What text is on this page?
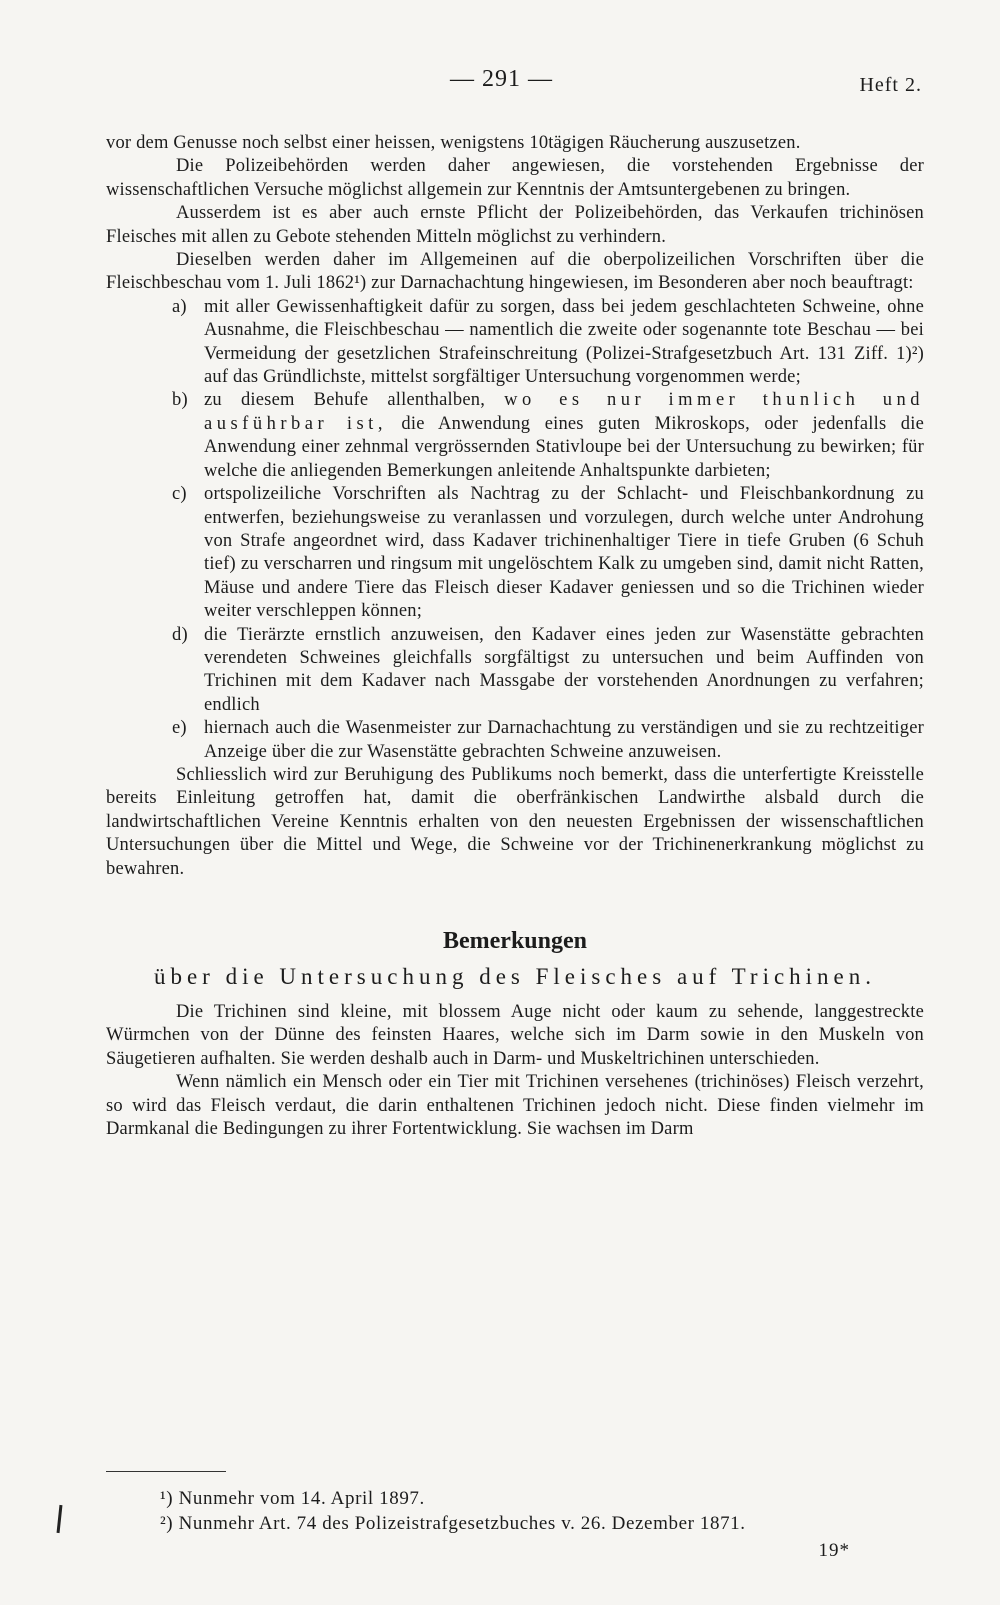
— 291 —	Heft 2.

vor dem Genusse noch selbst einer heissen, wenigstens 10tägigen Räucherung auszusetzen.

Die Polizeibehörden werden daher angewiesen, die vorstehenden Ergebnisse der wissenschaftlichen Versuche möglichst allgemein zur Kenntnis der Amtsuntergebenen zu bringen.

Ausserdem ist es aber auch ernste Pflicht der Polizeibehörden, das Verkaufen trichinösen Fleisches mit allen zu Gebote stehenden Mitteln möglichst zu verhindern.

Dieselben werden daher im Allgemeinen auf die oberpolizeilichen Vorschriften über die Fleischbeschau vom 1. Juli 1862¹) zur Darnachachtung hingewiesen, im Besonderen aber noch beauftragt:

a) mit aller Gewissenhaftigkeit dafür zu sorgen, dass bei jedem geschlachteten Schweine, ohne Ausnahme, die Fleischbeschau — namentlich die zweite oder sogenannte tote Beschau — bei Vermeidung der gesetzlichen Strafeinschreitung (Polizei-Strafgesetzbuch Art. 131 Ziff. 1)²) auf das Gründlichste, mittelst sorgfältiger Untersuchung vorgenommen werde;
b) zu diesem Behufe allenthalben, wo es nur immer thunlich und ausführbar ist, die Anwendung eines guten Mikroskops, oder jedenfalls die Anwendung einer zehnmal vergrössernden Stativloupe bei der Untersuchung zu bewirken; für welche die anliegenden Bemerkungen anleitende Anhaltspunkte darbieten;
c) ortspolizeiliche Vorschriften als Nachtrag zu der Schlacht- und Fleischbankordnung zu entwerfen, beziehungsweise zu veranlassen und vorzulegen, durch welche unter Androhung von Strafe angeordnet wird, dass Kadaver trichinenhaltiger Tiere in tiefe Gruben (6 Schuh tief) zu verscharren und ringsum mit ungelöschtem Kalk zu umgeben sind, damit nicht Ratten, Mäuse und andere Tiere das Fleisch dieser Kadaver geniessen und so die Trichinen wieder weiter verschleppen können;
d) die Tierärzte ernstlich anzuweisen, den Kadaver eines jeden zur Wasenstätte gebrachten verendeten Schweines gleichfalls sorgfältigst zu untersuchen und beim Auffinden von Trichinen mit dem Kadaver nach Massgabe der vorstehenden Anordnungen zu verfahren; endlich
e) hiernach auch die Wasenmeister zur Darnachachtung zu verständigen und sie zu rechtzeitiger Anzeige über die zur Wasenstätte gebrachten Schweine anzuweisen.

Schliesslich wird zur Beruhigung des Publikums noch bemerkt, dass die unterfertigte Kreisstelle bereits Einleitung getroffen hat, damit die oberfränkischen Landwirthe alsbald durch die landwirtschaftlichen Vereine Kenntnis erhalten von den neuesten Ergebnissen der wissenschaftlichen Untersuchungen über die Mittel und Wege, die Schweine vor der Trichinenerkrankung möglichst zu bewahren.

Bemerkungen
über die Untersuchung des Fleisches auf Trichinen.

Die Trichinen sind kleine, mit blossem Auge nicht oder kaum zu sehende, langgestreckte Würmchen von der Dünne des feinsten Haares, welche sich im Darm sowie in den Muskeln von Säugetieren aufhalten. Sie werden deshalb auch in Darm- und Muskeltrichinen unterschieden.

Wenn nämlich ein Mensch oder ein Tier mit Trichinen versehenes (trichinöses) Fleisch verzehrt, so wird das Fleisch verdaut, die darin enthaltenen Trichinen jedoch nicht. Diese finden vielmehr im Darmkanal die Bedingungen zu ihrer Fortentwicklung. Sie wachsen im Darm

¹) Nunmehr vom 14. April 1897.

²) Nunmehr Art. 74 des Polizeistrafgesetzbuches v. 26. Dezember 1871.

19*
